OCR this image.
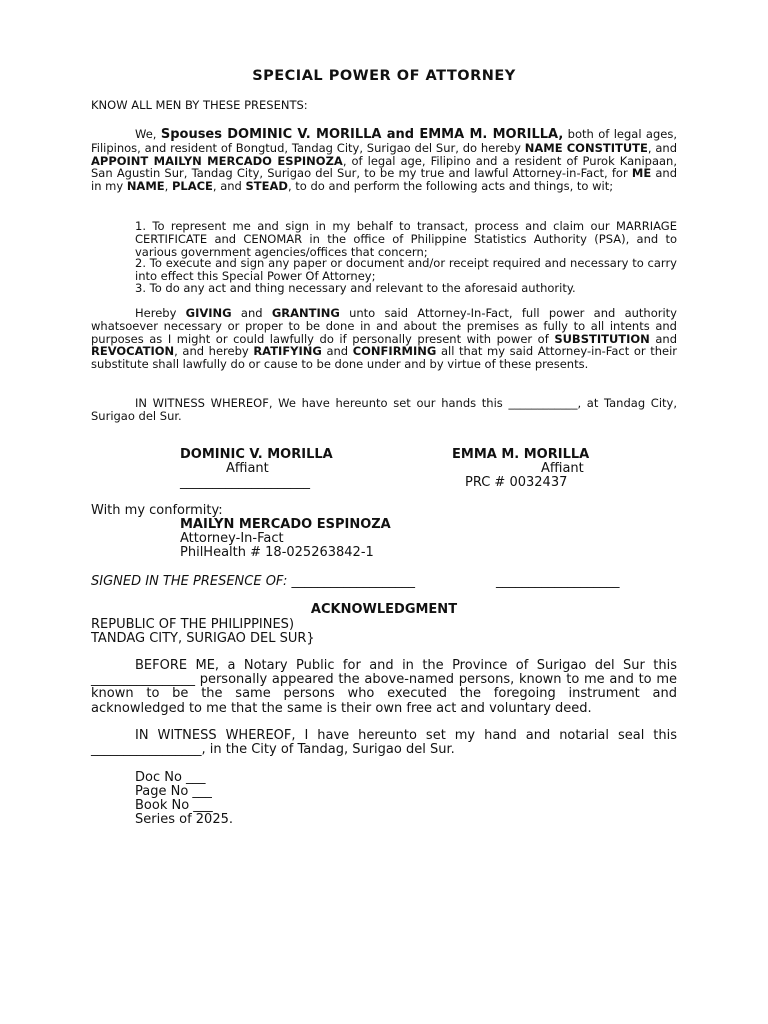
SPECIAL POWER OF ATTORNEY
KNOW ALL MEN BY THESE PRESENTS:
We, Spouses DOMINIC V. MORILLA and EMMA M. MORILLA, both of legal ages, Filipinos, and resident of Bongtud, Tandag City, Surigao del Sur, do hereby NAME CONSTITUTE, and APPOINT MAILYN MERCADO ESPINOZA, of legal age, Filipino and a resident of Purok Kanipaan, San Agustin Sur, Tandag City, Surigao del Sur, to be my true and lawful Attorney-in-Fact, for ME and in my NAME, PLACE, and STEAD, to do and perform the following acts and things, to wit;
1. To represent me and sign in my behalf to transact, process and claim our MARRIAGE CERTIFICATE and CENOMAR in the office of Philippine Statistics Authority (PSA), and to various government agencies/offices that concern;
2. To execute and sign any paper or document and/or receipt required and necessary to carry into effect this Special Power Of Attorney;
3. To do any act and thing necessary and relevant to the aforesaid authority.
Hereby GIVING and GRANTING unto said Attorney-In-Fact, full power and authority whatsoever necessary or proper to be done in and about the premises as fully to all intents and purposes as I might or could lawfully do if personally present with power of SUBSTITUTION and REVOCATION, and hereby RATIFYING and CONFIRMING all that my said Attorney-in-Fact or their substitute shall lawfully do or cause to be done under and by virtue of these presents.
IN WITNESS WHEREOF, We have hereunto set our hands this ____________, at Tandag City, Surigao del Sur.
DOMINIC V. MORILLA
Affiant
____________________
EMMA M. MORILLA
Affiant
PRC # 0032437
With my conformity:
MAILYN MERCADO ESPINOZA
Attorney-In-Fact
PhilHealth # 18-025263842-1
SIGNED IN THE PRESENCE OF: ___________________	___________________
ACKNOWLEDGMENT
REPUBLIC OF THE PHILIPPINES)
TANDAG CITY, SURIGAO DEL SUR}
BEFORE ME, a Notary Public for and in the Province of Surigao del Sur this ________________ personally appeared the above-named persons, known to me and to me known to be the same persons who executed the foregoing instrument and acknowledged to me that the same is their own free act and voluntary deed.
IN WITNESS WHEREOF, I have hereunto set my hand and notarial seal this _________________, in the City of Tandag, Surigao del Sur.
Doc No ___
Page No ___
Book No ___
Series of 2025.
